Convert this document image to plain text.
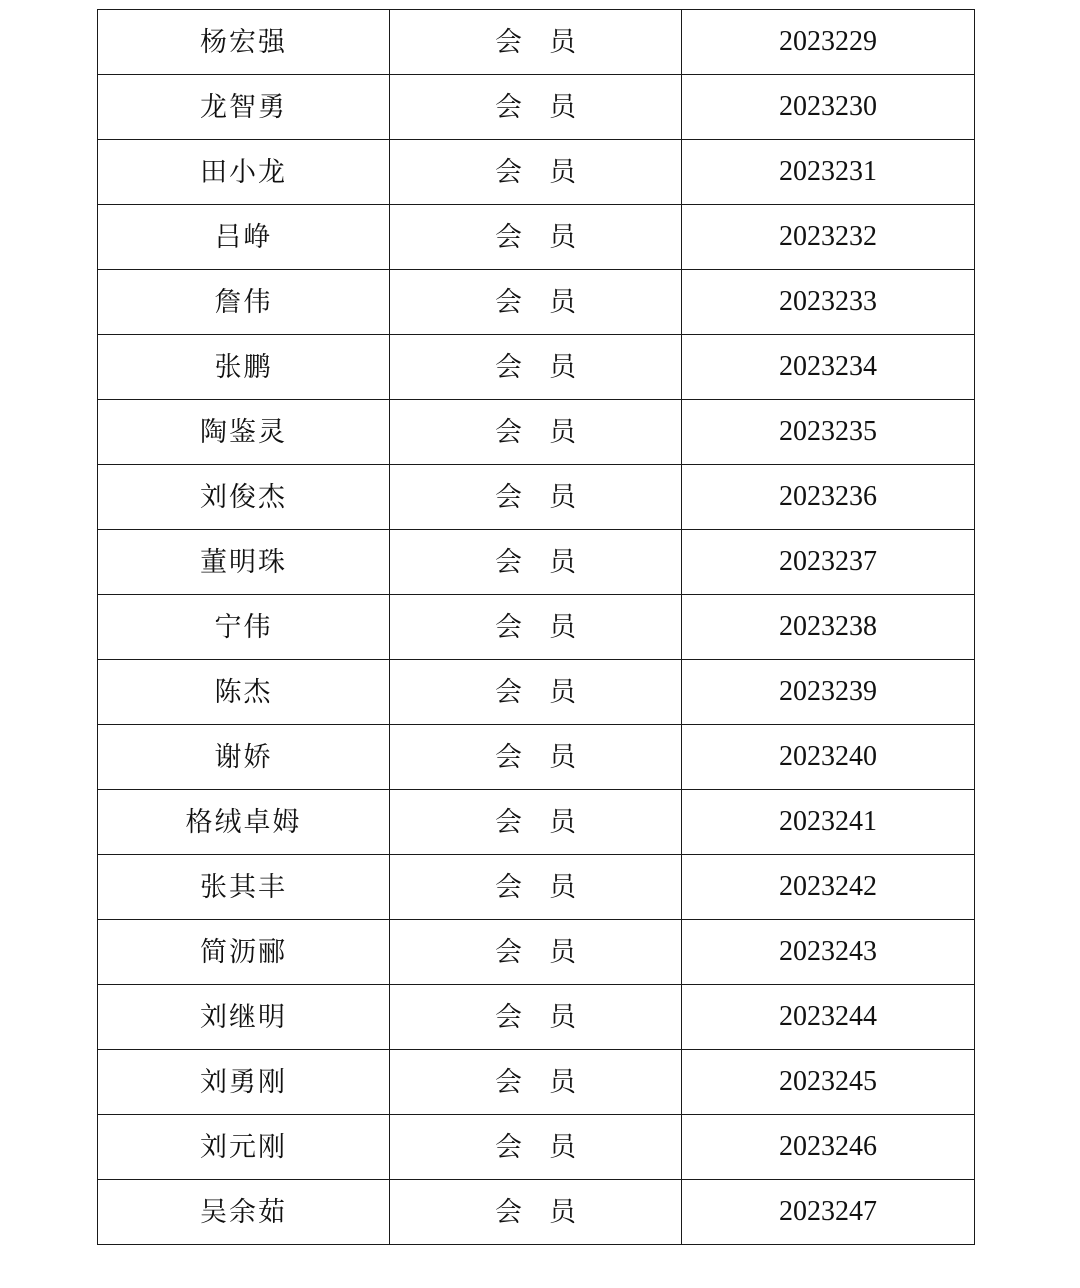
杨宏强	会　员	2023229
龙智勇	会　员	2023230
田小龙	会　员	2023231
吕峥	会　员	2023232
詹伟	会　员	2023233
张鹏	会　员	2023234
陶鉴灵	会　员	2023235
刘俊杰	会　员	2023236
董明珠	会　员	2023237
宁伟	会　员	2023238
陈杰	会　员	2023239
谢娇	会　员	2023240
格绒卓姆	会　员	2023241
张其丰	会　员	2023242
简沥郦	会　员	2023243
刘继明	会　员	2023244
刘勇刚	会　员	2023245
刘元刚	会　员	2023246
吴余茹	会　员	2023247
